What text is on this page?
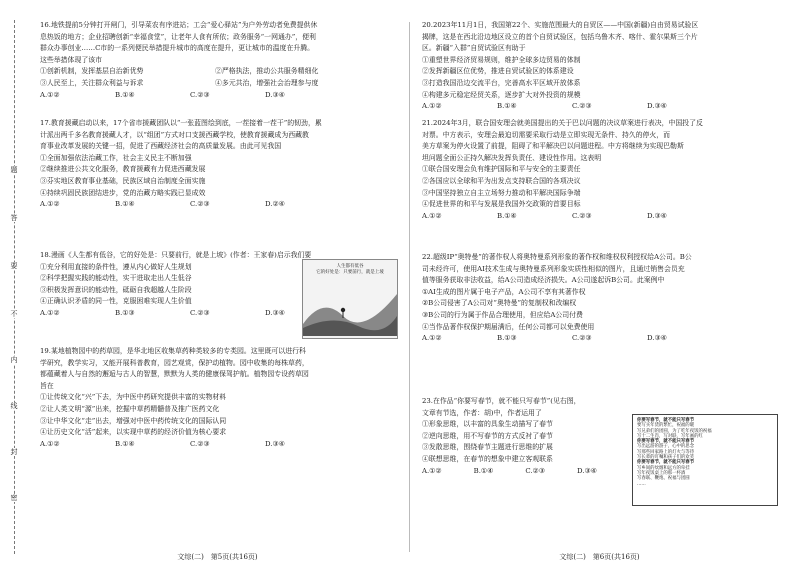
题
答
要
不
内
线
封
密

16.地铁提前5分钟打开闸门，引导菜农有序进站；工会“爱心驿站”为户外劳动者免费提供休

息热饭的地方；企业招聘创新“幸福食堂”，让老年人食有所依；政务服务“一网通办”，便利

群众办事创业……C市的一系列便民举措提升城市的高度在提升，更让城市的温度在升腾。

这些举措体现了该市

①创新机制，发挥基层自治新优势	②严格执法，推动公共服务精细化

③人民至上，关注群众利益与诉求	④多元共治，增强社会治理参与度

A.①②	B.①④	C.②③	D.③④

17.教育援藏启动以来，17个省市援藏团队以“一张蓝图绘到底，一茬接着一茬干”的韧劲，累

计派出两千多名教育援藏人才，以“组团”方式对口支援西藏学校，使教育援藏成为西藏教

育事业改革发展的关键一招，促进了西藏经济社会的高质量发展。由此可见我国

①全面加强依法治藏工作，社会主义民主不断加强

②继续推进公共文化服务，教育援藏有力促进西藏发展

③芬实地区教育事业基础，民族区域自治制度全面实施

④持续巩固民族团结进步，党的治藏方略实践已显成效

A.①②	B.①④	C.②③	D.②④

18.漫画《人生都有低谷，它的好处是：只要前行，就是上坡》(作者：王家春)启示我们要

①充分利用直接的条件性，遵从内心做好人生规划

②科学把握实践的能动性，实干进取走出人生低谷

③积极发挥意识的能动性，砥砺自我超越人生阶段

④正确认识矛盾的同一性，克服困难实现人生价值

A.①②	B.①③	C.②③	D.③④

人生都有低谷
它的好处是：只要前行，就是上坡

19.某地植物园中的药草园，是华北地区收集草药种类较多的专类园。这里既可以进行科

学研究，教学实习，又能开展科普教育，园艺观赏，保护动植物。园中收集的每株草药，

都蕴藏着人与自然的邂逅与古人的智慧，默默为人类的健康保驾护航。植物园专设药草园

旨在

①让传统文化“兴”下去，为中医中药研究提供丰富的实物材料

②让人类文明“源”出来，挖掘中草药精髓普及推广医药文化

③让中华文化“走”出去，增强对中医中药传统文化的国际认同

④让历史文化“活”起来，以实现中草药的经济价值为核心要求

A.①②	B.①④	C.②③	D.③④

文综(二)　第5页(共16页)

20.2023年11月1日，我国第22个、实施范围最大的自贸区——中国(新疆)自由贸易试验区

揭牌，这是在西北沿边地区设立的首个自贸试验区，包括乌鲁木齐、喀什、霍尔果斯三个片

区。新疆“入群”自贸试验区有助于

①重塑世界经济贸易规则，维护全球多边贸易的体制

②发挥新疆区位优势，推进自贸试验区的体系建设

③打造我国沿边交流平台，完善高水平区域开放体系

④构建多元稳定经贸关系，逐步扩大对外投资的规模

A.①②	B.①④	C.②③	D.③④

21.2024年3月，联合国安理会就美国提出的关于巴以问题的决议草案进行表决，中国投了反

对票。中方表示，安理会最迫切需要采取行动是立即实现无条件、持久的停火，而

美方草案为停火设置了前提，阻碍了和平解决巴以问题进程。中方将继续为实现巴勒斯

坦问题全面公正持久解决发挥负责任、建设性作用。这表明

①联合国安理会负有维护国际和平与安全的主要责任

②各国应以全球和平为出发点支持联合国的各项决议

③中国坚持独立自主立场努力推动和平解决国际争端

④促进世界的和平与发展是我国外交政策的首要目标

A.①②	B.①④	C.②③	D.③④

22.超级IP“奥特曼”的著作权人将奥特曼系列形象的著作权和维权权利授权给A公司。B公

司未经许可，使用AI技术生成与奥特曼系列形象实质性相似的图片，且通过销售会员充

值等服务获取非法收益，给A公司造成经济损失。A公司遂起诉B公司。此案例中

①AI生成的图片属于电子产品，A公司不享有其著作权

②B公司侵害了A公司对“奥特曼”的复制权和改编权

③B公司的行为属于作品合理使用，但应给A公司付费

④当作品著作权保护期届满后，任何公司都可以免费使用

A.①②	B.①③	C.②③	D.③④

23.在作品“你要写春节，就不能只写春节”(见右图，

文章有节选，作者：胡)中，作者运用了

①形象思维，以丰富的具象生动描写了春节

②逆向思维，用不写春节的方式反衬了春节

③发散思维，围绕春节主题进行思维的扩展

④联想思维，在春节的想象中建立客观联系

A.①②	B.①④	C.②③	D.③④

你要写春节，就不能只写春节

要写买年货的繁忙，祝福的暖

写兄弟们的团圆，为了吃年夜饭的祝福

写十二生肖，写对联，写年画的红

你要写春节，就不能只写春节

写出远游的游子，心中的思念

写那些回家路上的灯火与等待

写长辈的叮嘱和孩子们的欢笑

你要写春节，就不能只写春节

写乡间的炊烟和远方的牵挂

写年夜饭桌上的那一杯酒

写春联、鞭炮、祝福与团圆

……

文综(二)　第6页(共16页)
